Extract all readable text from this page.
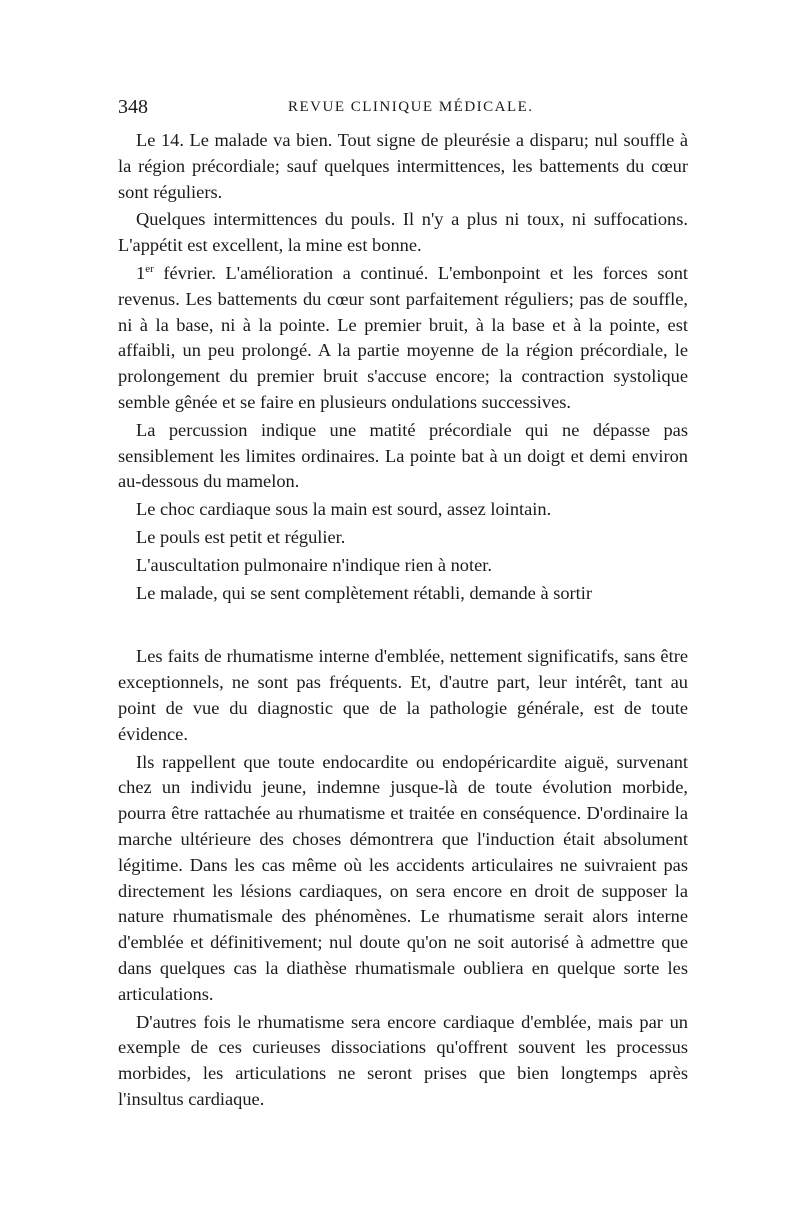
348	REVUE CLINIQUE MÉDICALE.

Le 14. Le malade va bien. Tout signe de pleurésie a disparu; nul souffle à la région précordiale; sauf quelques intermittences, les battements du cœur sont réguliers.

Quelques intermittences du pouls. Il n'y a plus ni toux, ni suffocations. L'appétit est excellent, la mine est bonne.

1er février. L'amélioration a continué. L'embonpoint et les forces sont revenus. Les battements du cœur sont parfaitement réguliers; pas de souffle, ni à la base, ni à la pointe. Le premier bruit, à la base et à la pointe, est affaibli, un peu prolongé. A la partie moyenne de la région précordiale, le prolongement du premier bruit s'accuse encore; la contraction systolique semble gênée et se faire en plusieurs ondulations successives.

La percussion indique une matité précordiale qui ne dépasse pas sensiblement les limites ordinaires. La pointe bat à un doigt et demi environ au-dessous du mamelon.

Le choc cardiaque sous la main est sourd, assez lointain.

Le pouls est petit et régulier.

L'auscultation pulmonaire n'indique rien à noter.

Le malade, qui se sent complètement rétabli, demande à sortir

Les faits de rhumatisme interne d'emblée, nettement significatifs, sans être exceptionnels, ne sont pas fréquents. Et, d'autre part, leur intérêt, tant au point de vue du diagnostic que de la pathologie générale, est de toute évidence.

Ils rappellent que toute endocardite ou endopéricardite aiguë, survenant chez un individu jeune, indemne jusque-là de toute évolution morbide, pourra être rattachée au rhumatisme et traitée en conséquence. D'ordinaire la marche ultérieure des choses démontrera que l'induction était absolument légitime. Dans les cas même où les accidents articulaires ne suivraient pas directement les lésions cardiaques, on sera encore en droit de supposer la nature rhumatismale des phénomènes. Le rhumatisme serait alors interne d'emblée et définitivement; nul doute qu'on ne soit autorisé à admettre que dans quelques cas la diathèse rhumatismale oubliera en quelque sorte les articulations.

D'autres fois le rhumatisme sera encore cardiaque d'emblée, mais par un exemple de ces curieuses dissociations qu'offrent souvent les processus morbides, les articulations ne seront prises que bien longtemps après l'insultus cardiaque.
